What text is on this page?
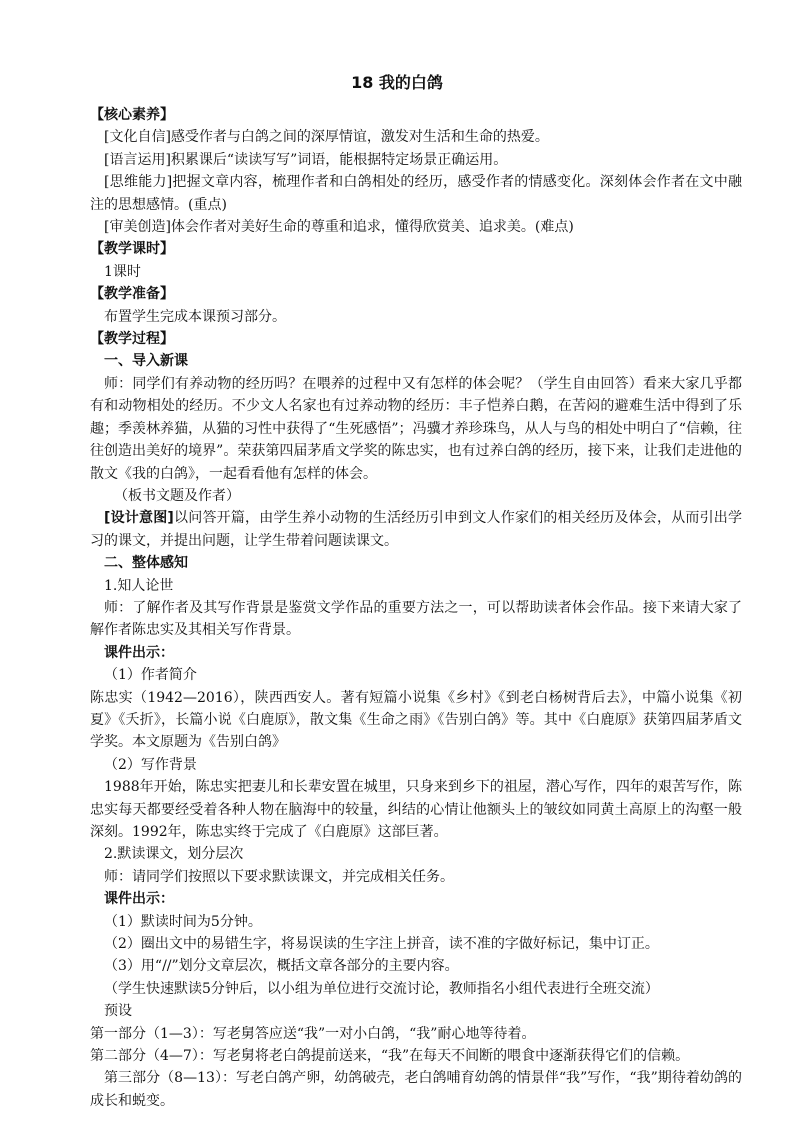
18 我的白鸽

【核心素养】

[文化自信]感受作者与白鸽之间的深厚情谊，激发对生活和生命的热爱。

[语言运用]积累课后“读读写写”词语，能根据特定场景正确运用。

[思维能力]把握文章内容，梳理作者和白鸽相处的经历，感受作者的情感变化。深刻体会作者在文中融注的思想感情。(重点)

[审美创造]体会作者对美好生命的尊重和追求，懂得欣赏美、追求美。(难点)

【教学课时】

1课时

【教学准备】

布置学生完成本课预习部分。

【教学过程】

一、导入新课

师：同学们有养动物的经历吗？在喂养的过程中又有怎样的体会呢？（学生自由回答）看来大家几乎都有和动物相处的经历。不少文人名家也有过养动物的经历：丰子恺养白鹅，在苦闷的避难生活中得到了乐趣；季羡林养猫，从猫的习性中获得了“生死感悟”；冯骥才养珍珠鸟，从人与鸟的相处中明白了“信赖，往往创造出美好的境界”。荣获第四届茅盾文学奖的陈忠实，也有过养白鸽的经历，接下来，让我们走进他的散文《我的白鸽》，一起看看他有怎样的体会。

（板书文题及作者）

[设计意图]以问答开篇，由学生养小动物的生活经历引申到文人作家们的相关经历及体会，从而引出学习的课文，并提出问题，让学生带着问题读课文。

二、整体感知

1.知人论世

师：了解作者及其写作背景是鉴赏文学作品的重要方法之一，可以帮助读者体会作品。接下来请大家了解作者陈忠实及其相关写作背景。

课件出示：

（1）作者简介

陈忠实（1942—2016），陕西西安人。著有短篇小说集《乡村》《到老白杨树背后去》，中篇小说集《初夏》《夭折》，长篇小说《白鹿原》，散文集《生命之雨》《告别白鸽》等。其中《白鹿原》获第四届茅盾文学奖。本文原题为《告别白鸽》

（2）写作背景

1988年开始，陈忠实把妻儿和长辈安置在城里，只身来到乡下的祖屋，潜心写作，四年的艰苦写作，陈忠实每天都要经受着各种人物在脑海中的较量，纠结的心情让他额头上的皱纹如同黄土高原上的沟壑一般深刻。1992年，陈忠实终于完成了《白鹿原》这部巨著。

2.默读课文，划分层次

师：请同学们按照以下要求默读课文，并完成相关任务。

课件出示：

（1）默读时间为5分钟。

（2）圈出文中的易错生字，将易误读的生字注上拼音，读不准的字做好标记，集中订正。

（3）用“//”划分文章层次，概括文章各部分的主要内容。

（学生快速默读5分钟后，以小组为单位进行交流讨论，教师指名小组代表进行全班交流）

预设

第一部分（1—3）：写老舅答应送“我”一对小白鸽，“我”耐心地等待着。

第二部分（4—7）：写老舅将老白鸽提前送来，“我”在每天不间断的喂食中逐渐获得它们的信赖。

第三部分（8—13）：写老白鸽产卵，幼鸽破壳，老白鸽哺育幼鸽的情景伴“我”写作，“我”期待着幼鸽的成长和蜕变。
